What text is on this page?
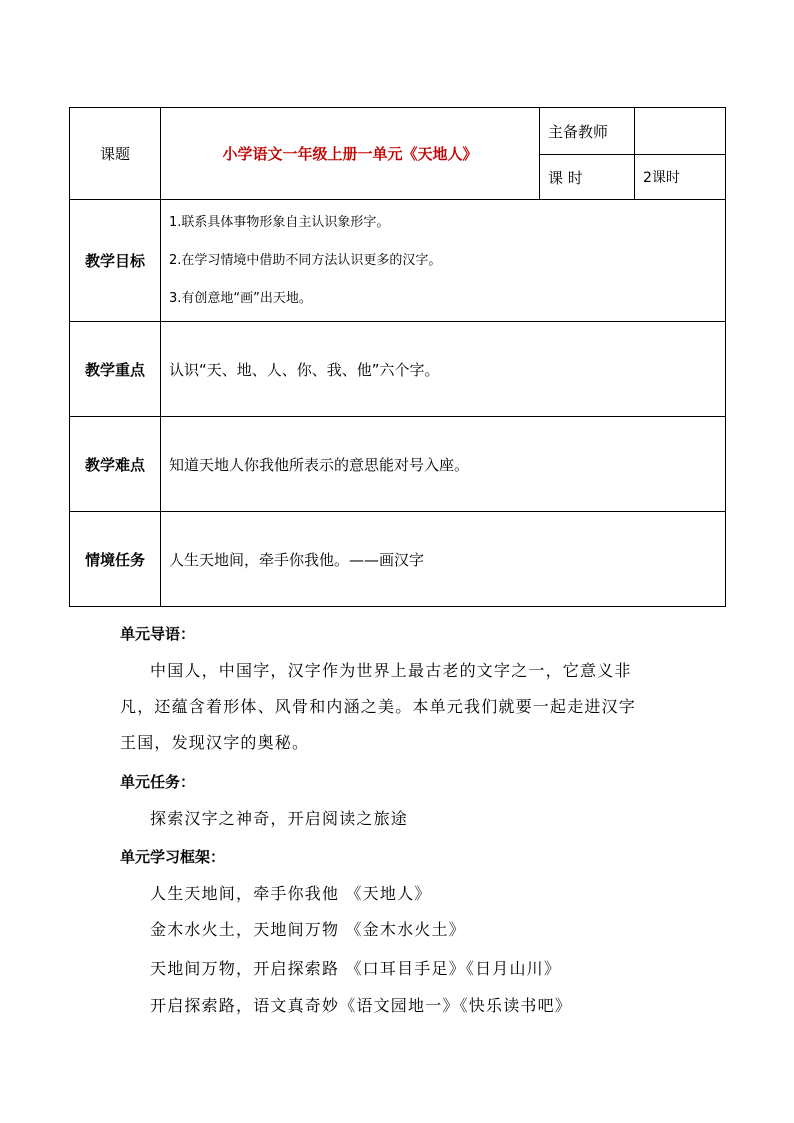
课题	小学语文一年级上册一单元《天地人》	主备教师	
		课 时	2课时
教学目标	1.联系具体事物形象自主认识象形字。
2.在学习情境中借助不同方法认识更多的汉字。
3.有创意地“画”出天地。		

教学重点	认识“天、地、人、你、我、他”六个字。		
教学难点	知道天地人你我他所表示的意思能对号入座。		
情境任务	人生天地间，牵手你我他。——画汉字		
单元导语：
中国人，中国字，汉字作为世界上最古老的文字之一，它意义非
凡，还蕴含着形体、风骨和内涵之美。本单元我们就要一起走进汉字
王国，发现汉字的奥秘。
单元任务：
探索汉字之神奇，开启阅读之旅途
单元学习框架：
人生天地间，牵手你我他 《天地人》
金木水火土，天地间万物 《金木水火土》
天地间万物，开启探索路 《口耳目手足》《日月山川》
开启探索路，语文真奇妙《语文园地一》《快乐读书吧》
